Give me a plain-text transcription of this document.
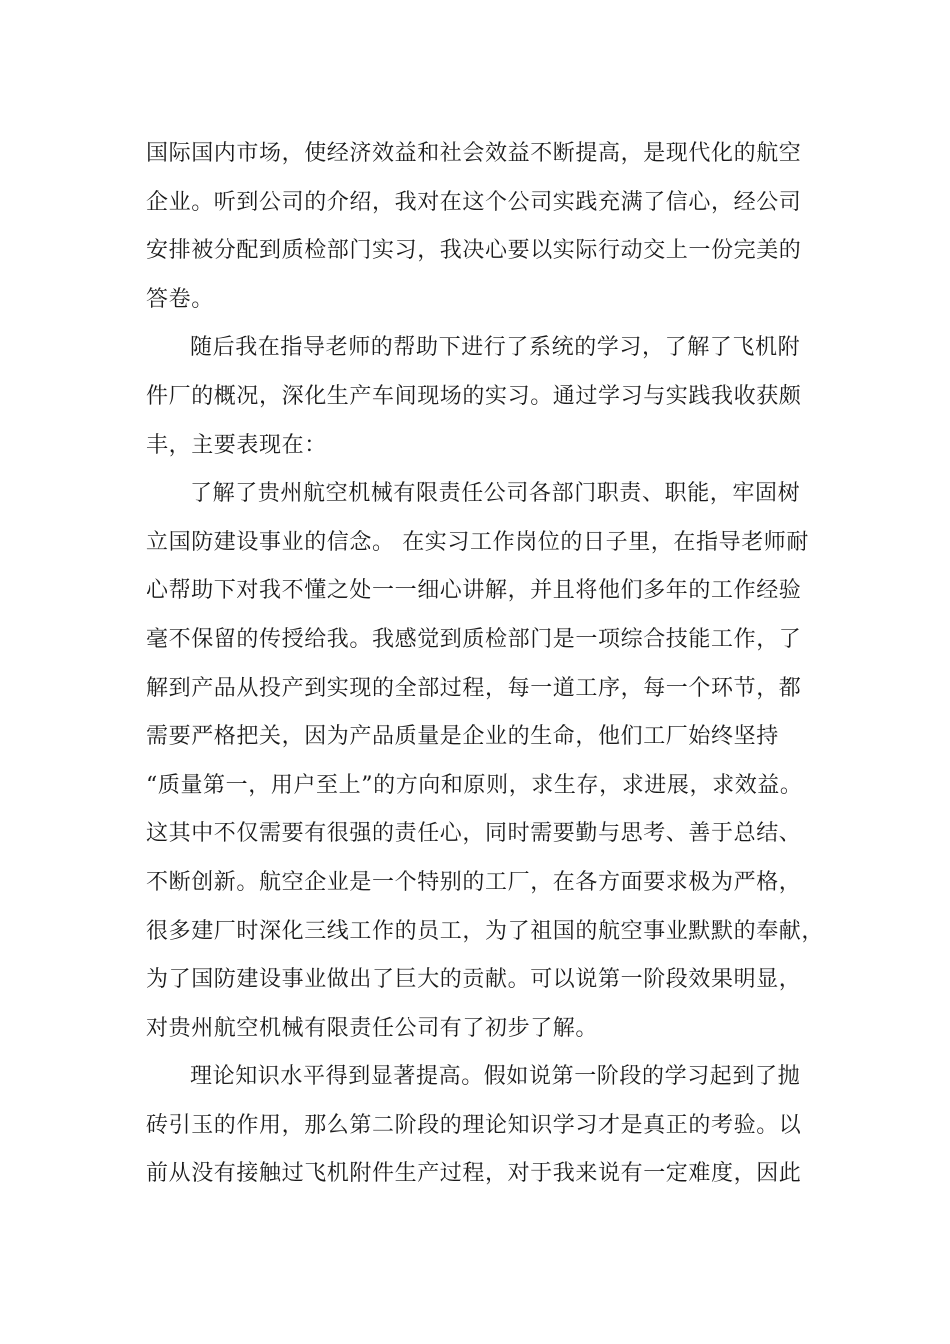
国际国内市场，使经济效益和社会效益不断提高，是现代化的航空
企业。听到公司的介绍，我对在这个公司实践充满了信心，经公司
安排被分配到质检部门实习，我决心要以实际行动交上一份完美的
答卷。
随后我在指导老师的帮助下进行了系统的学习，了解了飞机附
件厂的概况，深化生产车间现场的实习。通过学习与实践我收获颇
丰，主要表现在：
了解了贵州航空机械有限责任公司各部门职责、职能，牢固树
立国防建设事业的信念。 在实习工作岗位的日子里，在指导老师耐
心帮助下对我不懂之处一一细心讲解，并且将他们多年的工作经验
毫不保留的传授给我。我感觉到质检部门是一项综合技能工作，了
解到产品从投产到实现的全部过程，每一道工序，每一个环节，都
需要严格把关，因为产品质量是企业的生命，他们工厂始终坚持
“质量第一，用户至上”的方向和原则，求生存，求进展，求效益。
这其中不仅需要有很强的责任心，同时需要勤与思考、善于总结、
不断创新。航空企业是一个特别的工厂，在各方面要求极为严格，
很多建厂时深化三线工作的员工，为了祖国的航空事业默默的奉献，
为了国防建设事业做出了巨大的贡献。可以说第一阶段效果明显，
对贵州航空机械有限责任公司有了初步了解。
理论知识水平得到显著提高。假如说第一阶段的学习起到了抛
砖引玉的作用，那么第二阶段的理论知识学习才是真正的考验。以
前从没有接触过飞机附件生产过程，对于我来说有一定难度，因此
